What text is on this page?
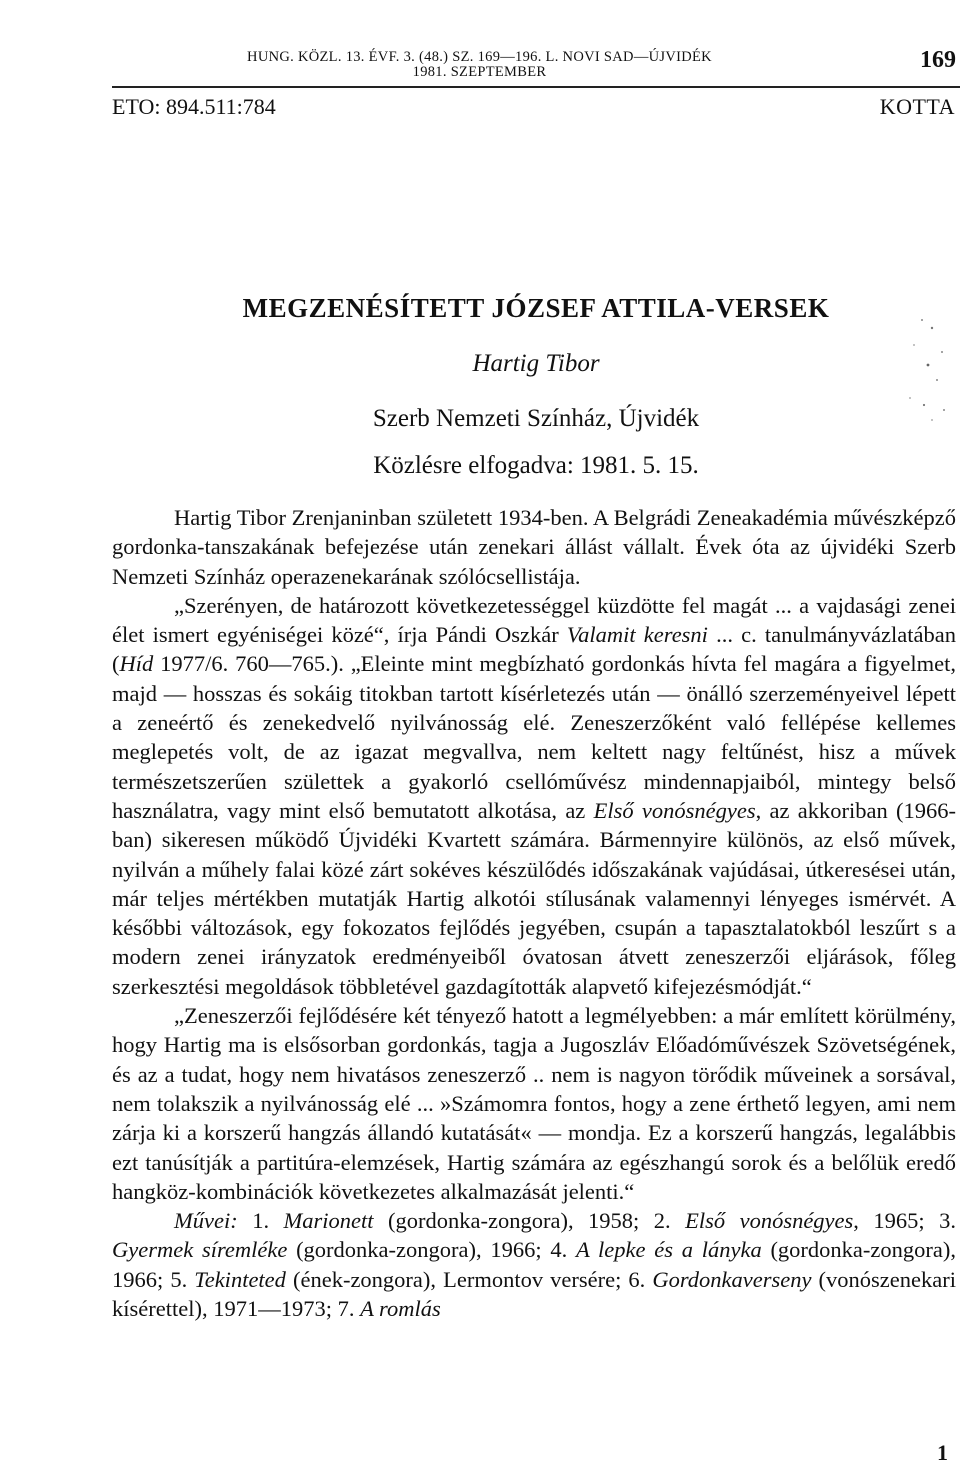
HUNG. KÖZL. 13. ÉVF. 3. (48.) SZ. 169—196. L. NOVI SAD—ÚJVIDÉK
1981. SZEPTEMBER	169
ETO: 894.511:784	KOTTA
MEGZENÉSÍTETT JÓZSEF ATTILA-VERSEK
Hartig Tibor
Szerb Nemzeti Színház, Újvidék
Közlésre elfogadva: 1981. 5. 15.

Hartig Tibor Zrenjaninban született 1934-ben. A Belgrádi Zeneakadémia művészképző gordonka-tanszakának befejezése után zenekari állást vállalt. Évek óta az újvidéki Szerb Nemzeti Színház operazenekarának szólócsellistája.

„Szerényen, de határozott következetességgel küzdötte fel magát ... a vajdasági zenei élet ismert egyéniségei közé“, írja Pándi Oszkár Valamit keresni ... c. tanulmányvázlatában (Híd 1977/6. 760—765.). „Eleinte mint megbízható gordonkás hívta fel magára a figyelmet, majd — hosszas és sokáig titokban tartott kísérletezés után — önálló szerzeményeivel lépett a zeneértő és zenekedvelő nyilvánosság elé. Zeneszerzőként való fellépése kellemes meglepetés volt, de az igazat megvallva, nem keltett nagy feltűnést, hisz a művek természetszerűen születtek a gyakorló csellóművész mindennapjaiból, mintegy belső használatra, vagy mint első bemutatott alkotása, az Első vonósnégyes, az akkoriban (1966-ban) sikeresen működő Újvidéki Kvartett számára. Bármennyire különös, az első művek, nyilván a műhely falai közé zárt sokéves készülődés időszakának vajúdásai, útkeresései után, már teljes mértékben mutatják Hartig alkotói stílusának valamennyi lényeges ismérvét. A későbbi változások, egy fokozatos fejlődés jegyében, csupán a tapasztalatokból leszűrt s a modern zenei irányzatok eredményeiből óvatosan átvett zeneszerzői eljárások, főleg szerkesztési megoldások többletével gazdagították alapvető kifejezésmódját.“

„Zeneszerzői fejlődésére két tényező hatott a legmélyebben: a már említett körülmény, hogy Hartig ma is elsősorban gordonkás, tagja a Jugoszláv Előadóművészek Szövetségének, és az a tudat, hogy nem hivatásos zeneszerző .. nem is nagyon törődik műveinek a sorsával, nem tolakszik a nyilvánosság elé ... »Számomra fontos, hogy a zene érthető legyen, ami nem zárja ki a korszerű hangzás állandó kutatását« — mondja. Ez a korszerű hangzás, legalábbis ezt tanúsítják a partitúra-elemzések, Hartig számára az egészhangú sorok és a belőlük eredő hangköz-kombinációk következetes alkalmazását jelenti.“

Művei: 1. Marionett (gordonka-zongora), 1958; 2. Első vonósnégyes, 1965; 3. Gyermek síremléke (gordonka-zongora), 1966; 4. A lepke és a lányka (gordonka-zongora), 1966; 5. Tekinteted (ének-zongora), Lermontov versére; 6. Gordonkaverseny (vonószenekari kísérettel), 1971—1973; 7. A romlás

1
